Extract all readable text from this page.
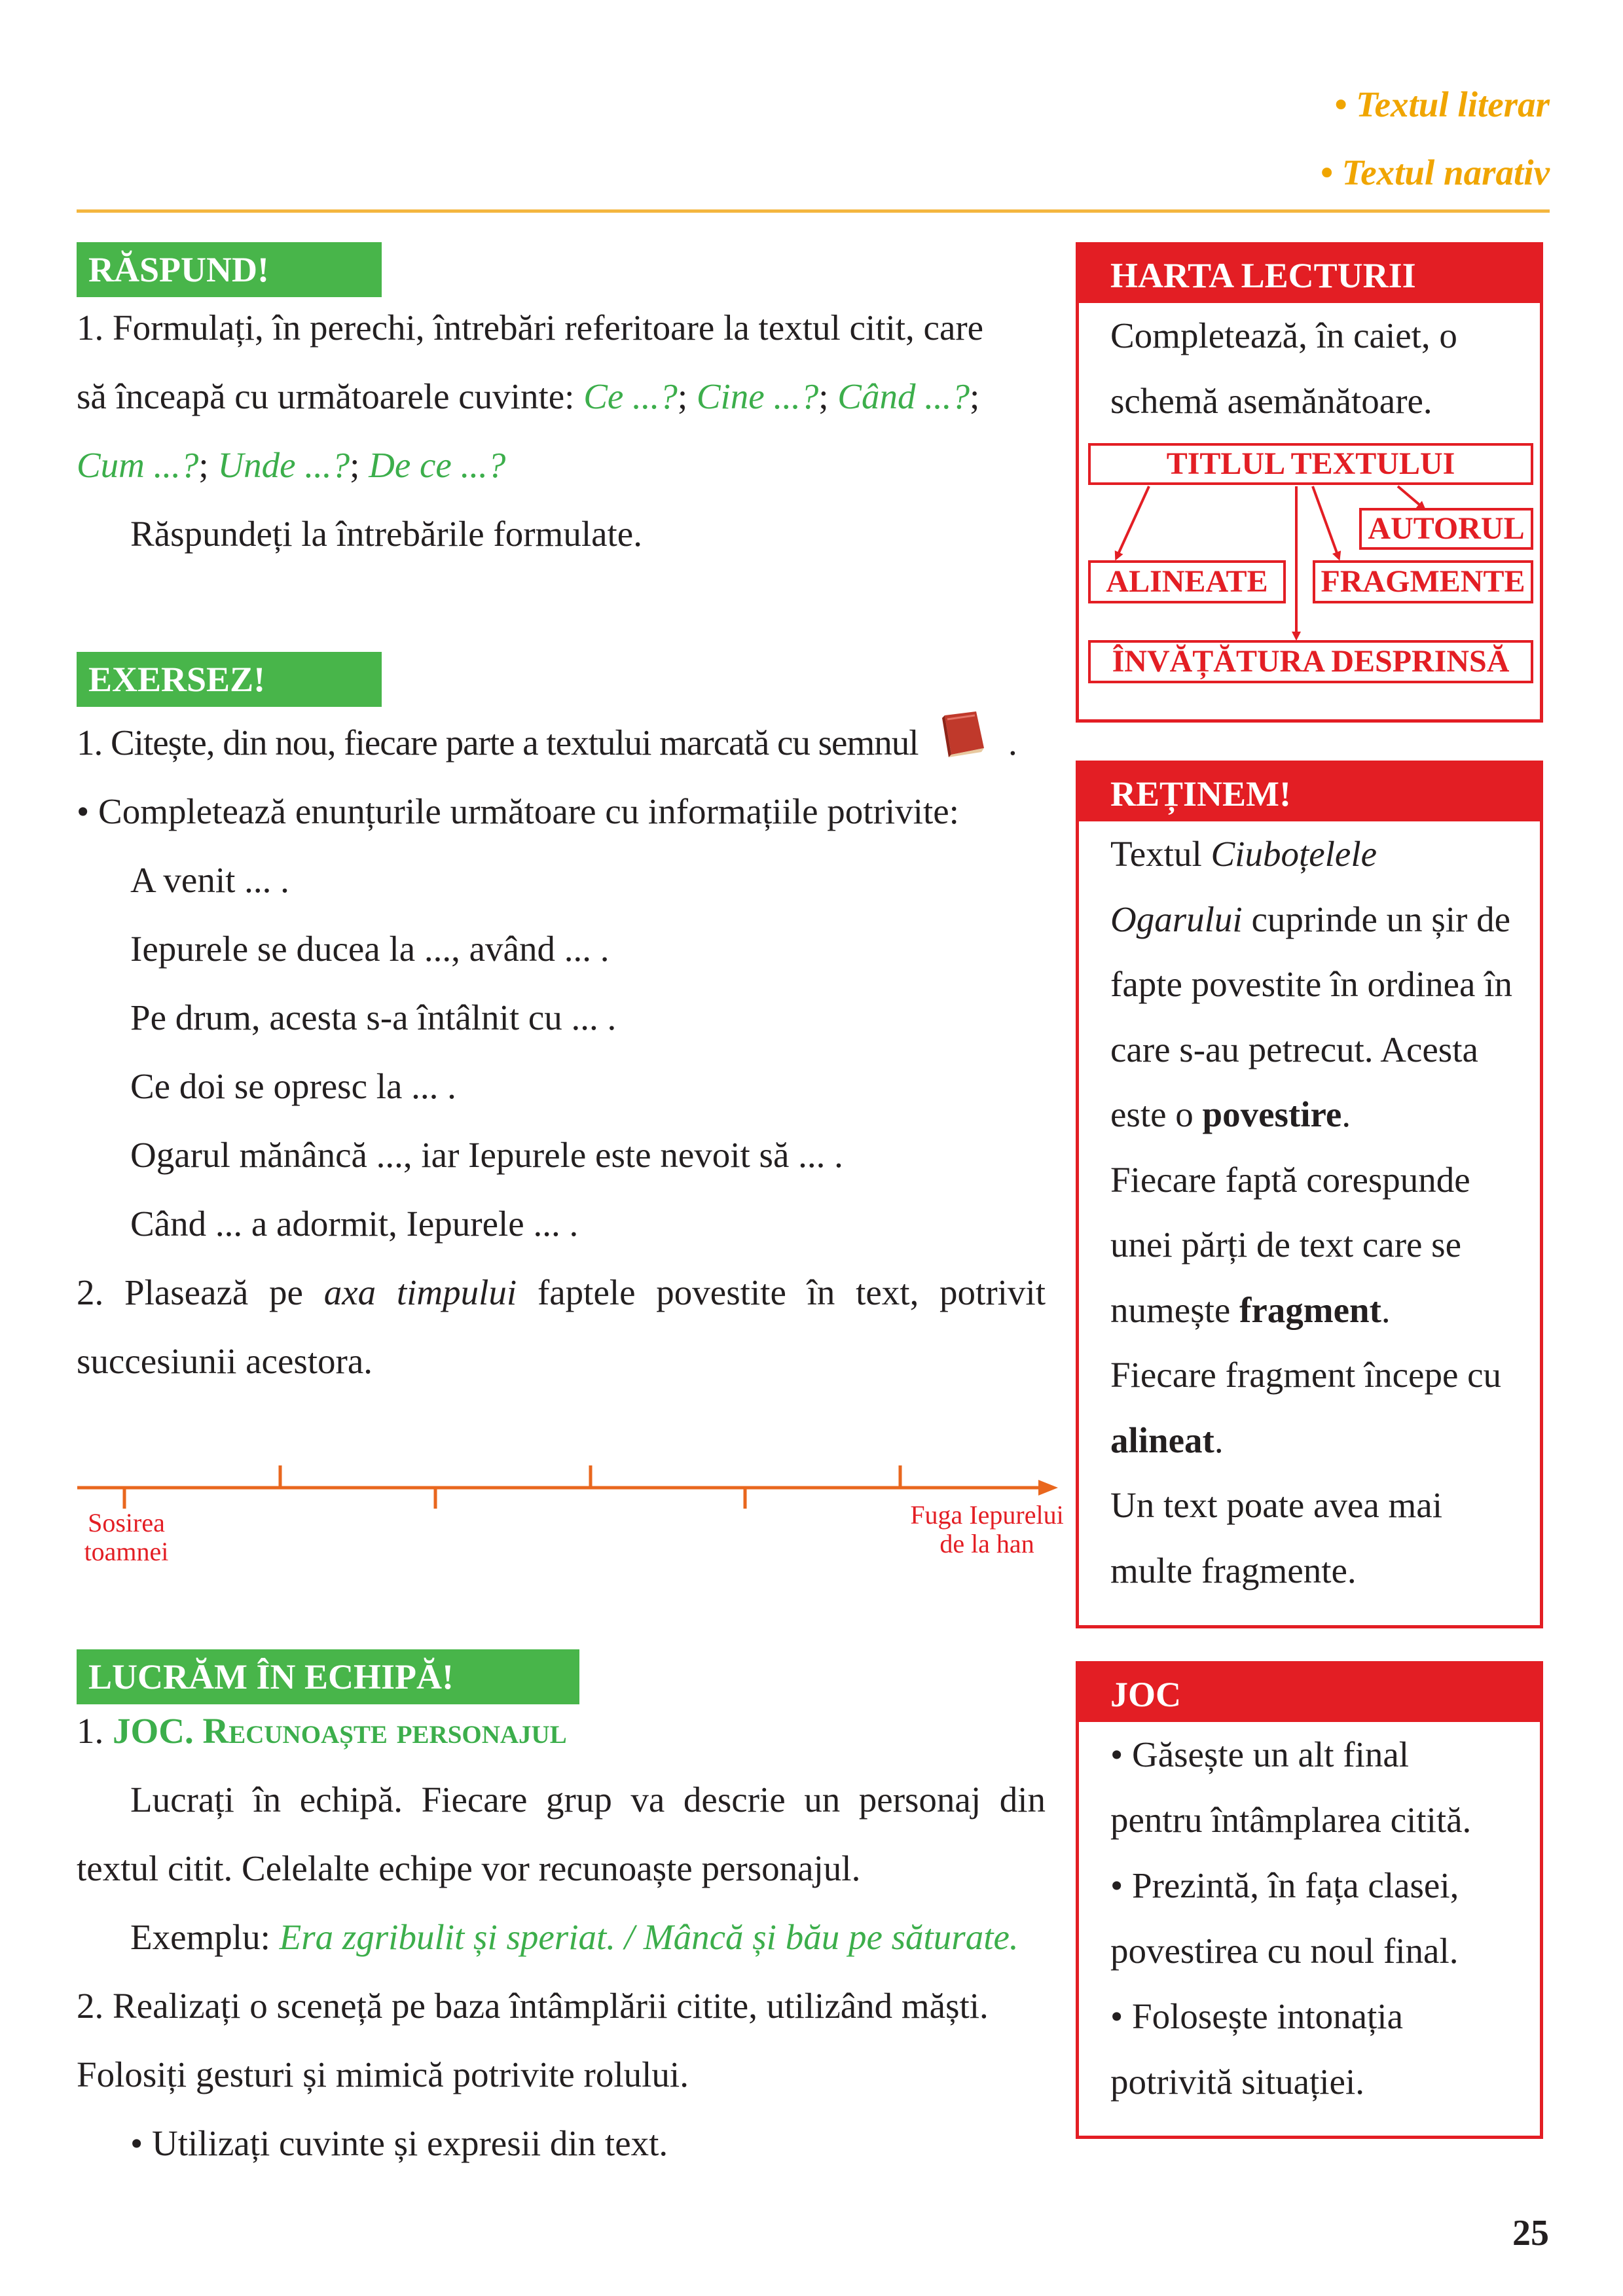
• Textul literar
• Textul narativ
RĂSPUND!
1. Formulați, în perechi, întrebări referitoare la textul citit, care
să înceapă cu următoarele cuvinte: Ce ...?; Cine ...?; Când ...?;
Cum ...?; Unde ...?; De ce ...?
Răspundeți la întrebările formulate.
EXERSEZ!
1. Citește, din nou, fiecare parte a textului marcată cu semnul	.
• Completează enunțurile următoare cu informațiile potrivite:
A venit ... .
Iepurele se ducea la ..., având ... .
Pe drum, acesta s-a întâlnit cu ... .
Ce doi se opresc la ... .
Ogarul mănâncă ..., iar Iepurele este nevoit să ... .
Când ... a adormit, Iepurele ... .
2. Plasează pe axa timpului faptele povestite în text, potrivit
succesiunii acestora.
Sosirea toamnei
Fuga Iepurelui de la han
LUCRĂM ÎN ECHIPĂ!
1. JOC. Recunoaște personajul
Lucrați în echipă. Fiecare grup va descrie un personaj din
textul citit. Celelalte echipe vor recunoaște personajul.
Exemplu: Era zgribulit și speriat. / Mâncă și bău pe săturate.
2. Realizați o sceneță pe baza întâmplării citite, utilizând măști.
Folosiți gesturi și mimică potrivite rolului.
• Utilizați cuvinte și expresii din text.
HARTA LECTURII
Completează, în caiet, o
schemă asemănătoare.
TITLUL TEXTULUI
AUTORUL
ALINEATE	FRAGMENTE
ÎNVĂȚĂTURA DESPRINSĂ
REȚINEM!
Textul Ciuboțelele
Ogarului cuprinde un șir de
fapte povestite în ordinea în
care s-au petrecut. Acesta
este o povestire.
Fiecare faptă corespunde
unei părți de text care se
numește fragment.
Fiecare fragment începe cu
alineat.
Un text poate avea mai
multe fragmente.
JOC
• Găsește un alt final
pentru întâmplarea citită.
• Prezintă, în fața clasei,
povestirea cu noul final.
• Folosește intonația
potrivită situației.
25
